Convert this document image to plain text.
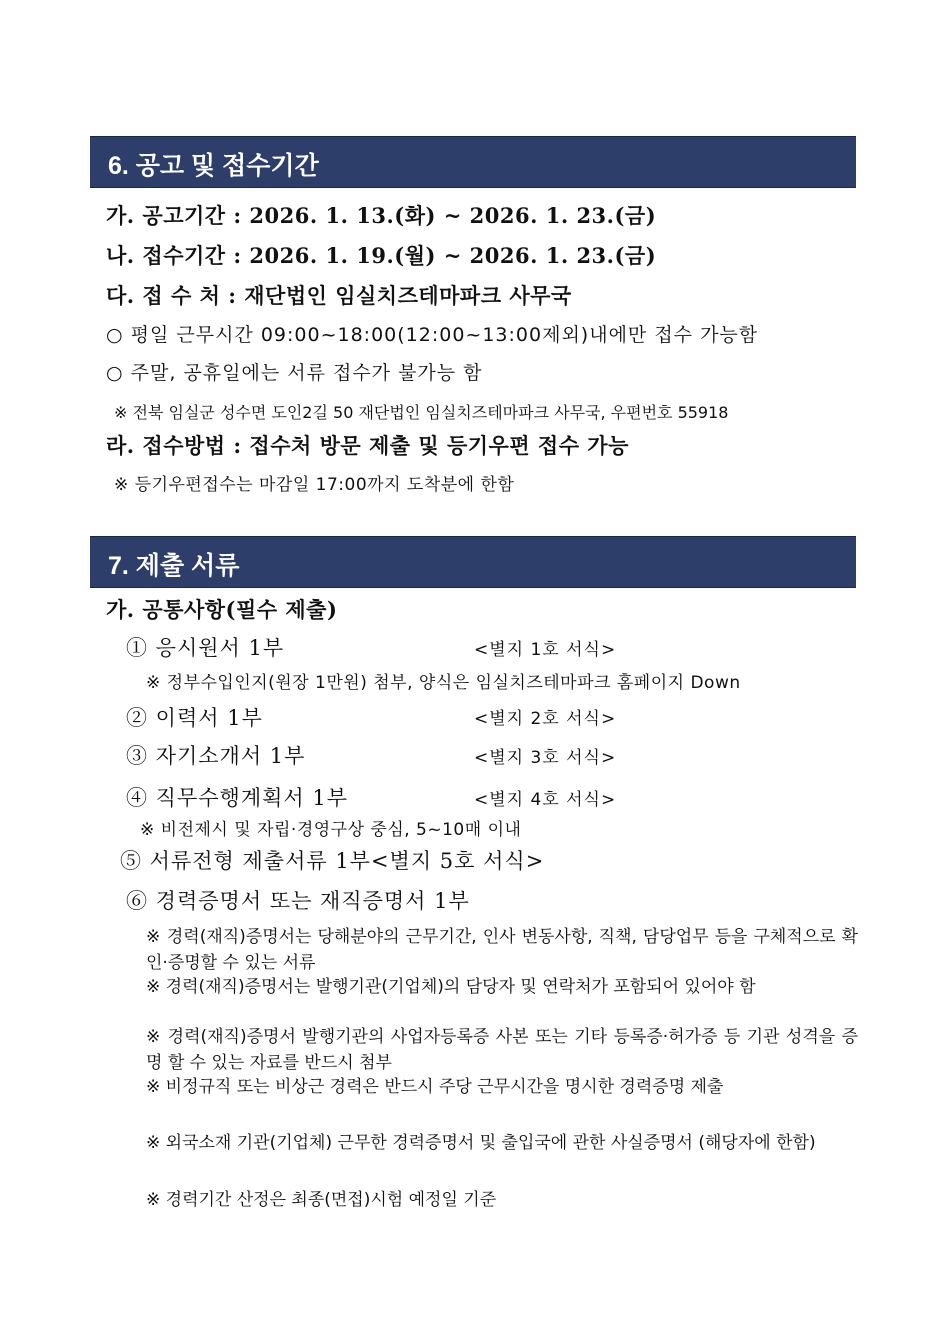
6. 공고 및 접수기간
가. 공고기간 : 2026. 1. 13.(화) ~ 2026. 1. 23.(금)
나. 접수기간 : 2026. 1. 19.(월) ~ 2026. 1. 23.(금)
다. 접 수 처 : 재단법인 임실치즈테마파크 사무국
○ 평일 근무시간 09:00~18:00(12:00~13:00제외)내에만 접수 가능함
○ 주말, 공휴일에는 서류 접수가 불가능 함
※ 전북 임실군 성수면 도인2길 50 재단법인 임실치즈테마파크 사무국, 우편번호 55918
라. 접수방법 : 접수처 방문 제출 및 등기우편 접수 가능
※ 등기우편접수는 마감일 17:00까지 도착분에 한함
7. 제출 서류
가. 공통사항(필수 제출)
① 응시원서 1부	<별지 1호 서식>
※ 정부수입인지(원장 1만원) 첨부, 양식은 임실치즈테마파크 홈페이지 Down
② 이력서 1부	<별지 2호 서식>
③ 자기소개서 1부	<별지 3호 서식>
④ 직무수행계획서 1부	<별지 4호 서식>
※ 비전제시 및 자립·경영구상 중심, 5~10매 이내
⑤ 서류전형 제출서류 1부<별지 5호 서식>
⑥ 경력증명서 또는 재직증명서 1부
※ 경력(재직)증명서는 당해분야의 근무기간, 인사 변동사항, 직책, 담당업무 등을 구체적으로 확인·증명할 수 있는 서류
※ 경력(재직)증명서는 발행기관(기업체)의 담당자 및 연락처가 포함되어 있어야 함
※ 경력(재직)증명서 발행기관의 사업자등록증 사본 또는 기타 등록증·허가증 등 기관 성격을 증명 할 수 있는 자료를 반드시 첨부
※ 비정규직 또는 비상근 경력은 반드시 주당 근무시간을 명시한 경력증명 제출
※ 외국소재 기관(기업체) 근무한 경력증명서 및 출입국에 관한 사실증명서 (해당자에 한함)
※ 경력기간 산정은 최종(면접)시험 예정일 기준
